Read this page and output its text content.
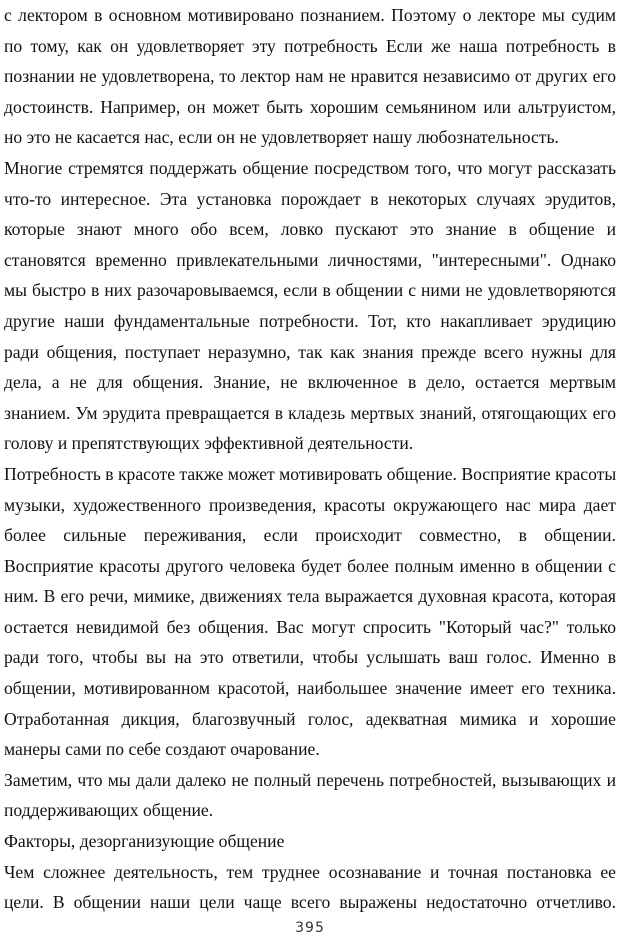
с лектором в основном мотивировано познанием. Поэтому о лекторе мы судим
по тому, как он удовлетворяет эту потребность Если же наша потребность в
познании не удовлетворена, то лектор нам не нравится независимо от других его
достоинств. Например, он может быть хорошим семьянином или альтруистом,
но это не касается нас, если он не удовлетворяет нашу любознательность.
Многие стремятся поддержать общение посредством того, что могут рассказать
что-то интересное. Эта установка порождает в некоторых случаях эрудитов,
которые знают много обо всем, ловко пускают это знание в общение и
становятся временно привлекательными личностями, "интересными". Однако
мы быстро в них разочаровываемся, если в общении с ними не удовлетворяются
другие наши фундаментальные потребности. Тот, кто накапливает эрудицию
ради общения, поступает неразумно, так как знания прежде всего нужны для
дела, а не для общения. Знание, не включенное в дело, остается мертвым
знанием. Ум эрудита превращается в кладезь мертвых знаний, отягощающих его
голову и препятствующих эффективной деятельности.
Потребность в красоте также может мотивировать общение. Восприятие красоты
музыки, художественного произведения, красоты окружающего нас мира дает
более сильные переживания, если происходит совместно, в общении.
Восприятие красоты другого человека будет более полным именно в общении с
ним. В его речи, мимике, движениях тела выражается духовная красота, которая
остается невидимой без общения. Вас могут спросить "Который час?" только
ради того, чтобы вы на это ответили, чтобы услышать ваш голос. Именно в
общении, мотивированном красотой, наибольшее значение имеет его техника.
Отработанная дикция, благозвучный голос, адекватная мимика и хорошие
манеры сами по себе создают очарование.
Заметим, что мы дали далеко не полный перечень потребностей, вызывающих и
поддерживающих общение.
Факторы, дезорганизующие общение
Чем сложнее деятельность, тем труднее осознавание и точная постановка ее
цели. В общении наши цели чаще всего выражены недостаточно отчетливо.
395
